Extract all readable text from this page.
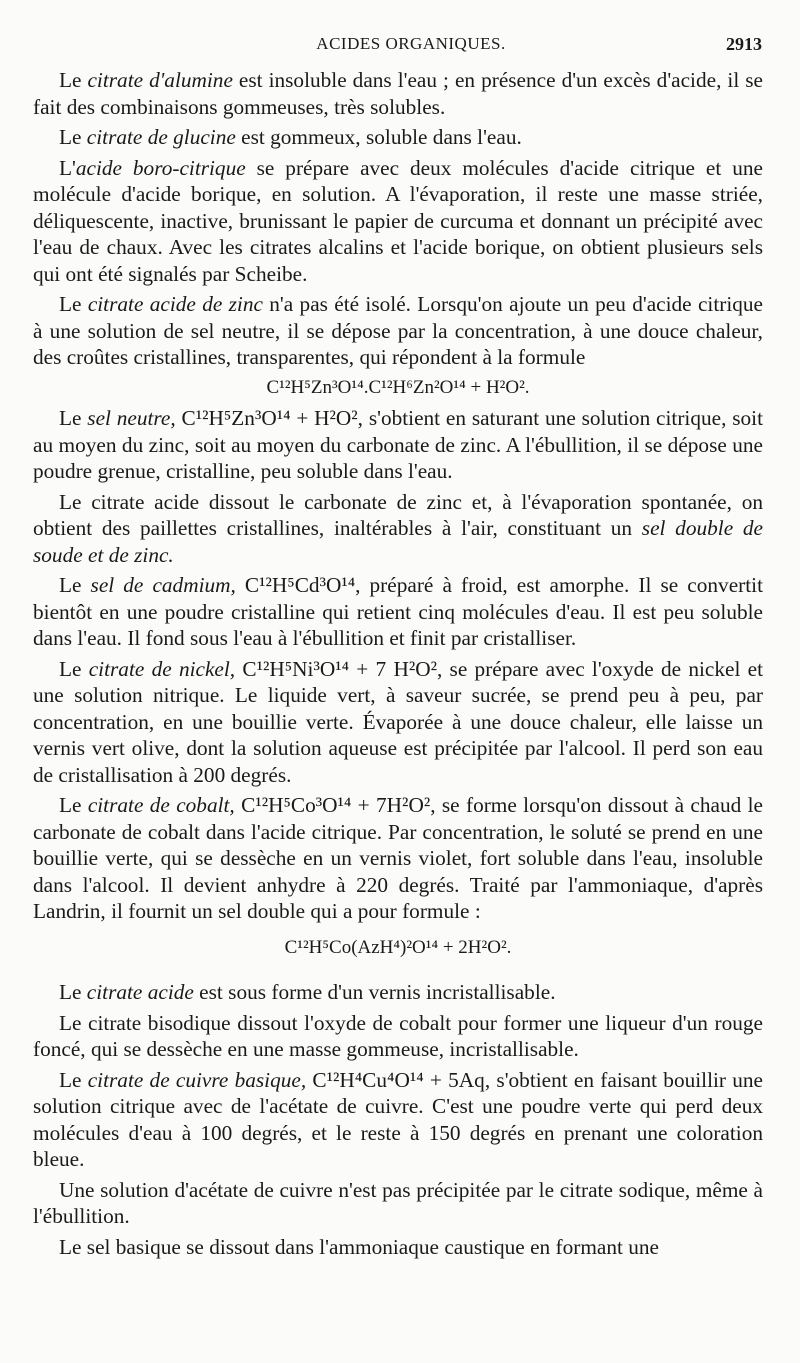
ACIDES ORGANIQUES.	2913

Le citrate d'alumine est insoluble dans l'eau ; en présence d'un excès d'acide, il se fait des combinaisons gommeuses, très solubles.

Le citrate de glucine est gommeux, soluble dans l'eau.

L'acide boro-citrique se prépare avec deux molécules d'acide citrique et une molécule d'acide borique, en solution. A l'évaporation, il reste une masse striée, déliquescente, inactive, brunissant le papier de curcuma et donnant un précipité avec l'eau de chaux. Avec les citrates alcalins et l'acide borique, on obtient plusieurs sels qui ont été signalés par Scheibe.

Le citrate acide de zinc n'a pas été isolé. Lorsqu'on ajoute un peu d'acide citrique à une solution de sel neutre, il se dépose par la concentration, à une douce chaleur, des croûtes cristallines, transparentes, qui répondent à la formule

C¹²H⁵Zn³O¹⁴.C¹²H⁶Zn²O¹⁴ + H²O².

Le sel neutre, C¹²H⁵Zn³O¹⁴ + H²O², s'obtient en saturant une solution citrique, soit au moyen du zinc, soit au moyen du carbonate de zinc. A l'ébullition, il se dépose une poudre grenue, cristalline, peu soluble dans l'eau.

Le citrate acide dissout le carbonate de zinc et, à l'évaporation spontanée, on obtient des paillettes cristallines, inaltérables à l'air, constituant un sel double de soude et de zinc.

Le sel de cadmium, C¹²H⁵Cd³O¹⁴, préparé à froid, est amorphe. Il se convertit bientôt en une poudre cristalline qui retient cinq molécules d'eau. Il est peu soluble dans l'eau. Il fond sous l'eau à l'ébullition et finit par cristalliser.

Le citrate de nickel, C¹²H⁵Ni³O¹⁴ + 7 H²O², se prépare avec l'oxyde de nickel et une solution nitrique. Le liquide vert, à saveur sucrée, se prend peu à peu, par concentration, en une bouillie verte. Évaporée à une douce chaleur, elle laisse un vernis vert olive, dont la solution aqueuse est précipitée par l'alcool. Il perd son eau de cristallisation à 200 degrés.

Le citrate de cobalt, C¹²H⁵Co³O¹⁴ + 7H²O², se forme lorsqu'on dissout à chaud le carbonate de cobalt dans l'acide citrique. Par concentration, le soluté se prend en une bouillie verte, qui se dessèche en un vernis violet, fort soluble dans l'eau, insoluble dans l'alcool. Il devient anhydre à 220 degrés. Traité par l'ammoniaque, d'après Landrin, il fournit un sel double qui a pour formule :

C¹²H⁵Co(AzH⁴)²O¹⁴ + 2H²O².

Le citrate acide est sous forme d'un vernis incristallisable.

Le citrate bisodique dissout l'oxyde de cobalt pour former une liqueur d'un rouge foncé, qui se dessèche en une masse gommeuse, incristallisable.

Le citrate de cuivre basique, C¹²H⁴Cu⁴O¹⁴ + 5Aq, s'obtient en faisant bouillir une solution citrique avec de l'acétate de cuivre. C'est une poudre verte qui perd deux molécules d'eau à 100 degrés, et le reste à 150 degrés en prenant une coloration bleue.

Une solution d'acétate de cuivre n'est pas précipitée par le citrate sodique, même à l'ébullition.

Le sel basique se dissout dans l'ammoniaque caustique en formant une
